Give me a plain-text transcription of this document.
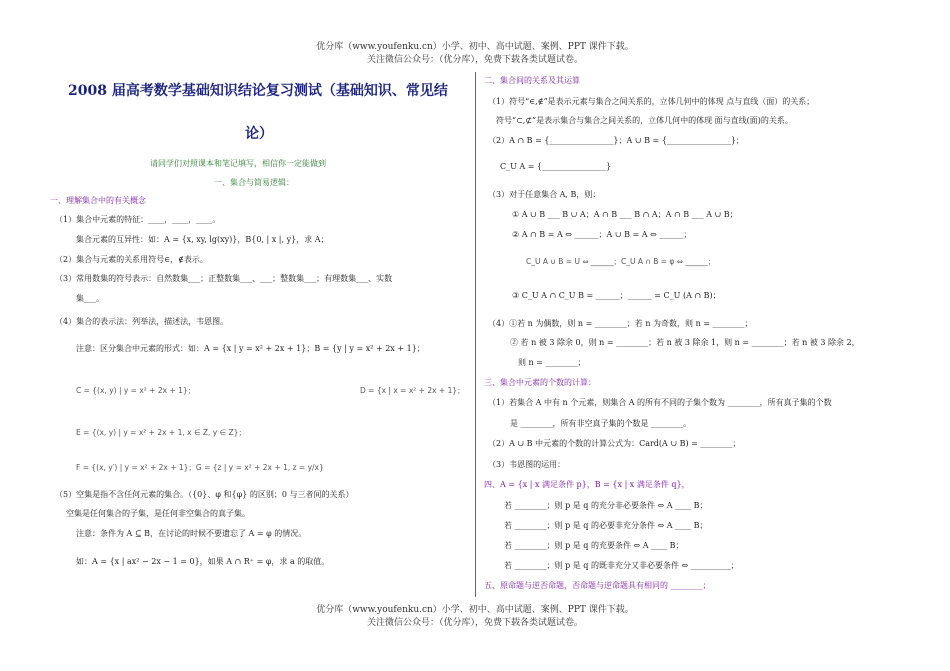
优分库（www.youfenku.cn）小学、初中、高中试题、案例、PPT 课件下载。
关注微信公众号：（优分库），免费下载各类试题试卷。
2008 届高考数学基础知识结论复习测试（基础知识、常见结
论）
请同学们对照课本和笔记填写，相信你一定能做到
一、集合与简易逻辑：
一、理解集合中的有关概念
（1）集合中元素的特征：____，____，____。
集合元素的互异性：如：A = {x, xy, lg(xy)}，B{0, | x |, y}，求 A；
（2）集合与元素的关系用符号∈，∉表示。
（3）常用数集的符号表示：自然数集___；正整数集___、___；整数集___；有理数集___、实数
集___。
（4）集合的表示法：列举法，描述法，韦恩图。
注意：区分集合中元素的形式：如：A = {x | y = x² + 2x + 1}；B = {y | y = x² + 2x + 1}；
C = {(x, y) | y = x² + 2x + 1}；	D = {x | x = x² + 2x + 1}；
E = {(x, y) | y = x² + 2x + 1, x ∈ Z, y ∈ Z}；
F = {(x, y′) | y = x² + 2x + 1}；G = {z | y = x² + 2x + 1, z = y/x}
（5）空集是指不含任何元素的集合。（{0}、φ 和{φ} 的区别；0 与三者间的关系）
空集是任何集合的子集，是任何非空集合的真子集。
注意：条件为 A ⊆ B，在讨论的时候不要遗忘了 A = φ 的情况。
如：A = {x | ax² − 2x − 1 = 0}，如果 A ∩ R⁺ = φ，求 a 的取值。
二、集合间的关系及其运算
（1）符号“∈,∉”是表示元素与集合之间关系的，立体几何中的体现 点与直线（面）的关系；
符号“⊂,⊄”是表示集合与集合之间关系的，立体几何中的体现 面与直线(面)的关系。
（2）A ∩ B = {________________}；A ∪ B = {________________}；
C_U A = {________________}
（3）对于任意集合 A, B，则：
① A ∪ B ___ B ∪ A；A ∩ B ___ B ∩ A；A ∩ B ___ A ∪ B；
② A ∩ B = A ⇔ ______；A ∪ B = A ⇔ ______；
C_U A ∪ B = U ⇔ ______；C_U A ∩ B = φ ⇔ ______；
③ C_U A ∩ C_U B = ______；______ = C_U (A ∩ B)；
（4）①若 n 为偶数，则 n = ________；若 n 为奇数，则 n = ________；
② 若 n 被 3 除余 0，则 n = ________；若 n 被 3 除余 1，则 n = ________；若 n 被 3 除余 2，
则 n = ________；
三、集合中元素的个数的计算：
（1）若集合 A 中有 n 个元素，则集合 A 的所有不同的子集个数为 ________，所有真子集的个数
是 ________，所有非空真子集的个数是 ________。
（2）A ∪ B 中元素的个数的计算公式为：Card(A ∪ B) = ________；
（3）韦恩图的运用：
四、A = {x | x 满足条件 p}，B = {x | x 满足条件 q}，
若 ________；则 p 是 q 的充分非必要条件 ⇔ A ____ B；
若 ________；则 p 是 q 的必要非充分条件 ⇔ A ____ B；
若 ________；则 p 是 q 的充要条件 ⇔ A ____ B；
若 ________；则 p 是 q 的既非充分又非必要条件 ⇔ __________；
五、原命题与逆否命题，否命题与逆命题具有相同的 ________；
优分库（www.youfenku.cn）小学、初中、高中试题、案例、PPT 课件下载。
关注微信公众号：（优分库），免费下载各类试题试卷。
